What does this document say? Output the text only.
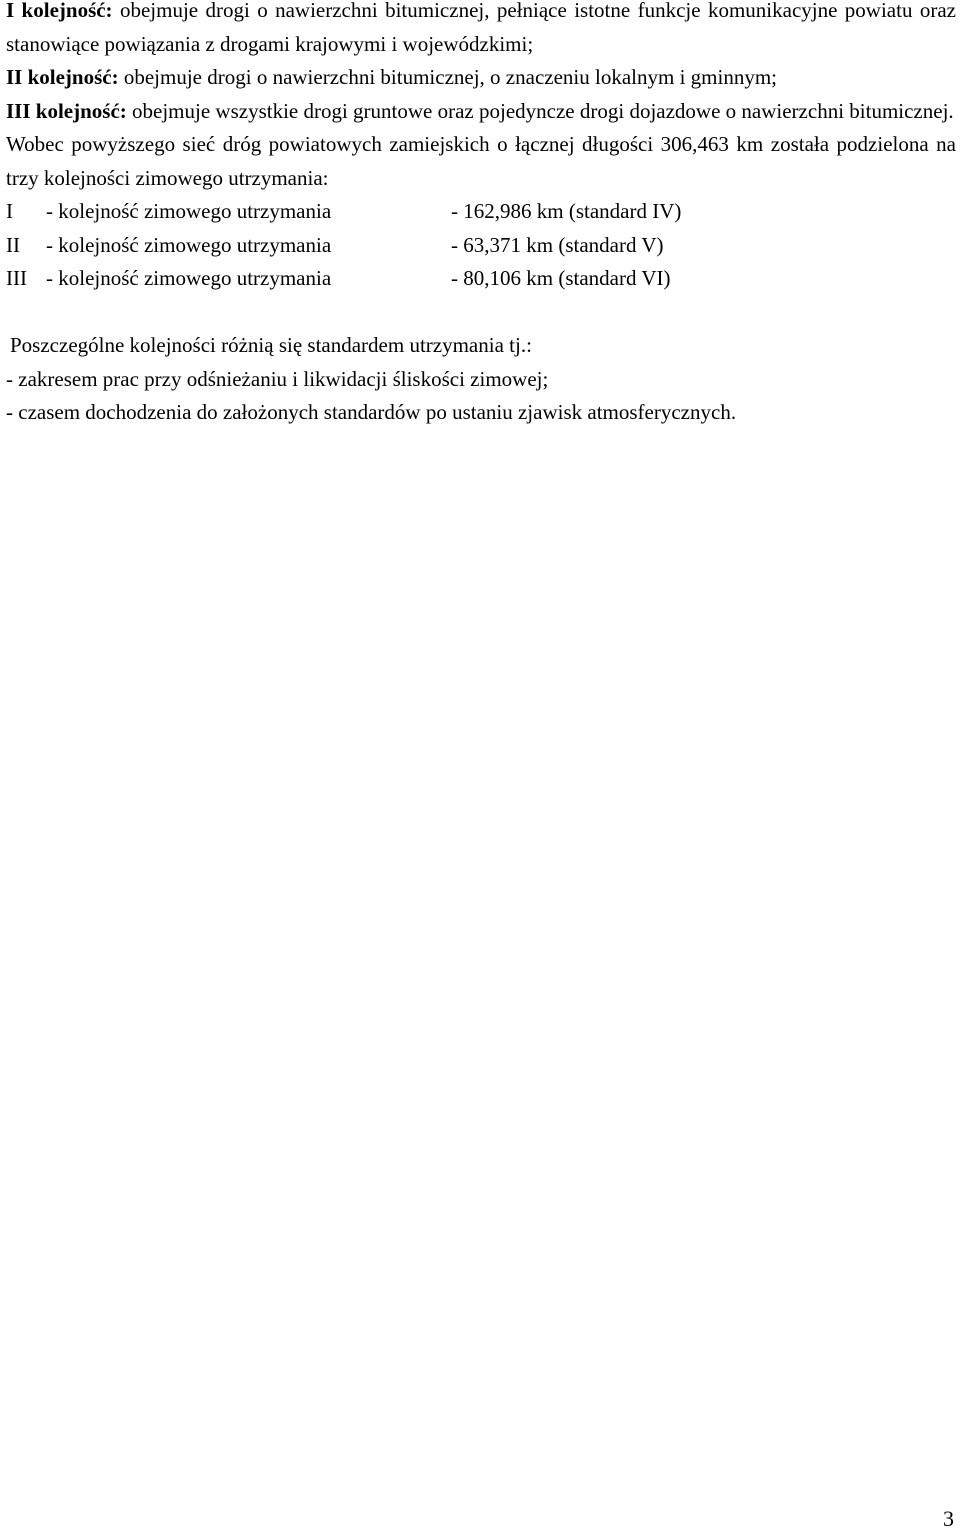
I kolejność: obejmuje drogi o nawierzchni bitumicznej, pełniące istotne funkcje komunikacyjne powiatu oraz stanowiące powiązania z drogami krajowymi i wojewódzkimi;

II kolejność: obejmuje drogi o nawierzchni bitumicznej, o znaczeniu lokalnym i gminnym;

III kolejność: obejmuje wszystkie drogi gruntowe oraz pojedyncze drogi dojazdowe o nawierzchni bitumicznej.

Wobec powyższego sieć dróg powiatowych zamiejskich o łącznej długości 306,463 km została podzielona na trzy kolejności zimowego utrzymania:

I	- kolejność zimowego utrzymania	- 162,986 km (standard IV)
II	- kolejność zimowego utrzymania	- 63,371 km (standard V)
III - kolejność zimowego utrzymania	- 80,106 km (standard VI)

Poszczególne kolejności różnią się standardem utrzymania tj.:

- zakresem prac przy odśnieżaniu i likwidacji śliskości zimowej;

- czasem dochodzenia do założonych standardów po ustaniu zjawisk atmosferycznych.

3
